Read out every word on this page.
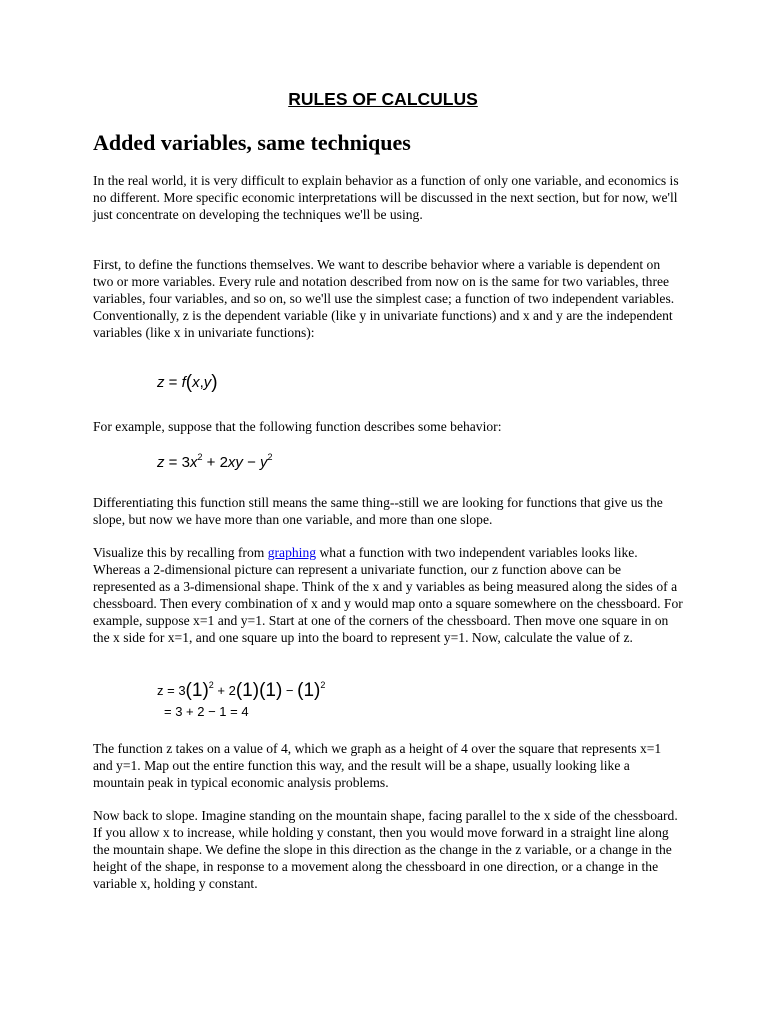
RULES OF CALCULUS
Added variables, same techniques

In the real world, it is very difficult to explain behavior as a function of only one variable, and economics is no different. More specific economic interpretations will be discussed in the next section, but for now, we'll just concentrate on developing the techniques we'll be using.

First, to define the functions themselves. We want to describe behavior where a variable is dependent on two or more variables. Every rule and notation described from now on is the same for two variables, three variables, four variables, and so on, so we'll use the simplest case; a function of two independent variables. Conventionally, z is the dependent variable (like y in univariate functions) and x and y are the independent variables (like x in univariate functions):

z = f(x,y)

For example, suppose that the following function describes some behavior:

$z = 3x^2 + 2xy - y^2$

Differentiating this function still means the same thing--still we are looking for functions that give us the slope, but now we have more than one variable, and more than one slope.

Visualize this by recalling from graphing what a function with two independent variables looks like. Whereas a 2-dimensional picture can represent a univariate function, our z function above can be represented as a 3-dimensional shape. Think of the x and y variables as being measured along the sides of a chessboard. Then every combination of x and y would map onto a square somewhere on the chessboard. For example, suppose x=1 and y=1. Start at one of the corners of the chessboard. Then move one square in on the x side for x=1, and one square up into the board to represent y=1. Now, calculate the value of z.

$z = 3(1)^2 + 2(1)(1) - (1)^2$
= 3 + 2 − 1 = 4

The function z takes on a value of 4, which we graph as a height of 4 over the square that represents x=1 and y=1. Map out the entire function this way, and the result will be a shape, usually looking like a mountain peak in typical economic analysis problems.

Now back to slope. Imagine standing on the mountain shape, facing parallel to the x side of the chessboard. If you allow x to increase, while holding y constant, then you would move forward in a straight line along the mountain shape. We define the slope in this direction as the change in the z variable, or a change in the height of the shape, in response to a movement along the chessboard in one direction, or a change in the variable x, holding y constant.
